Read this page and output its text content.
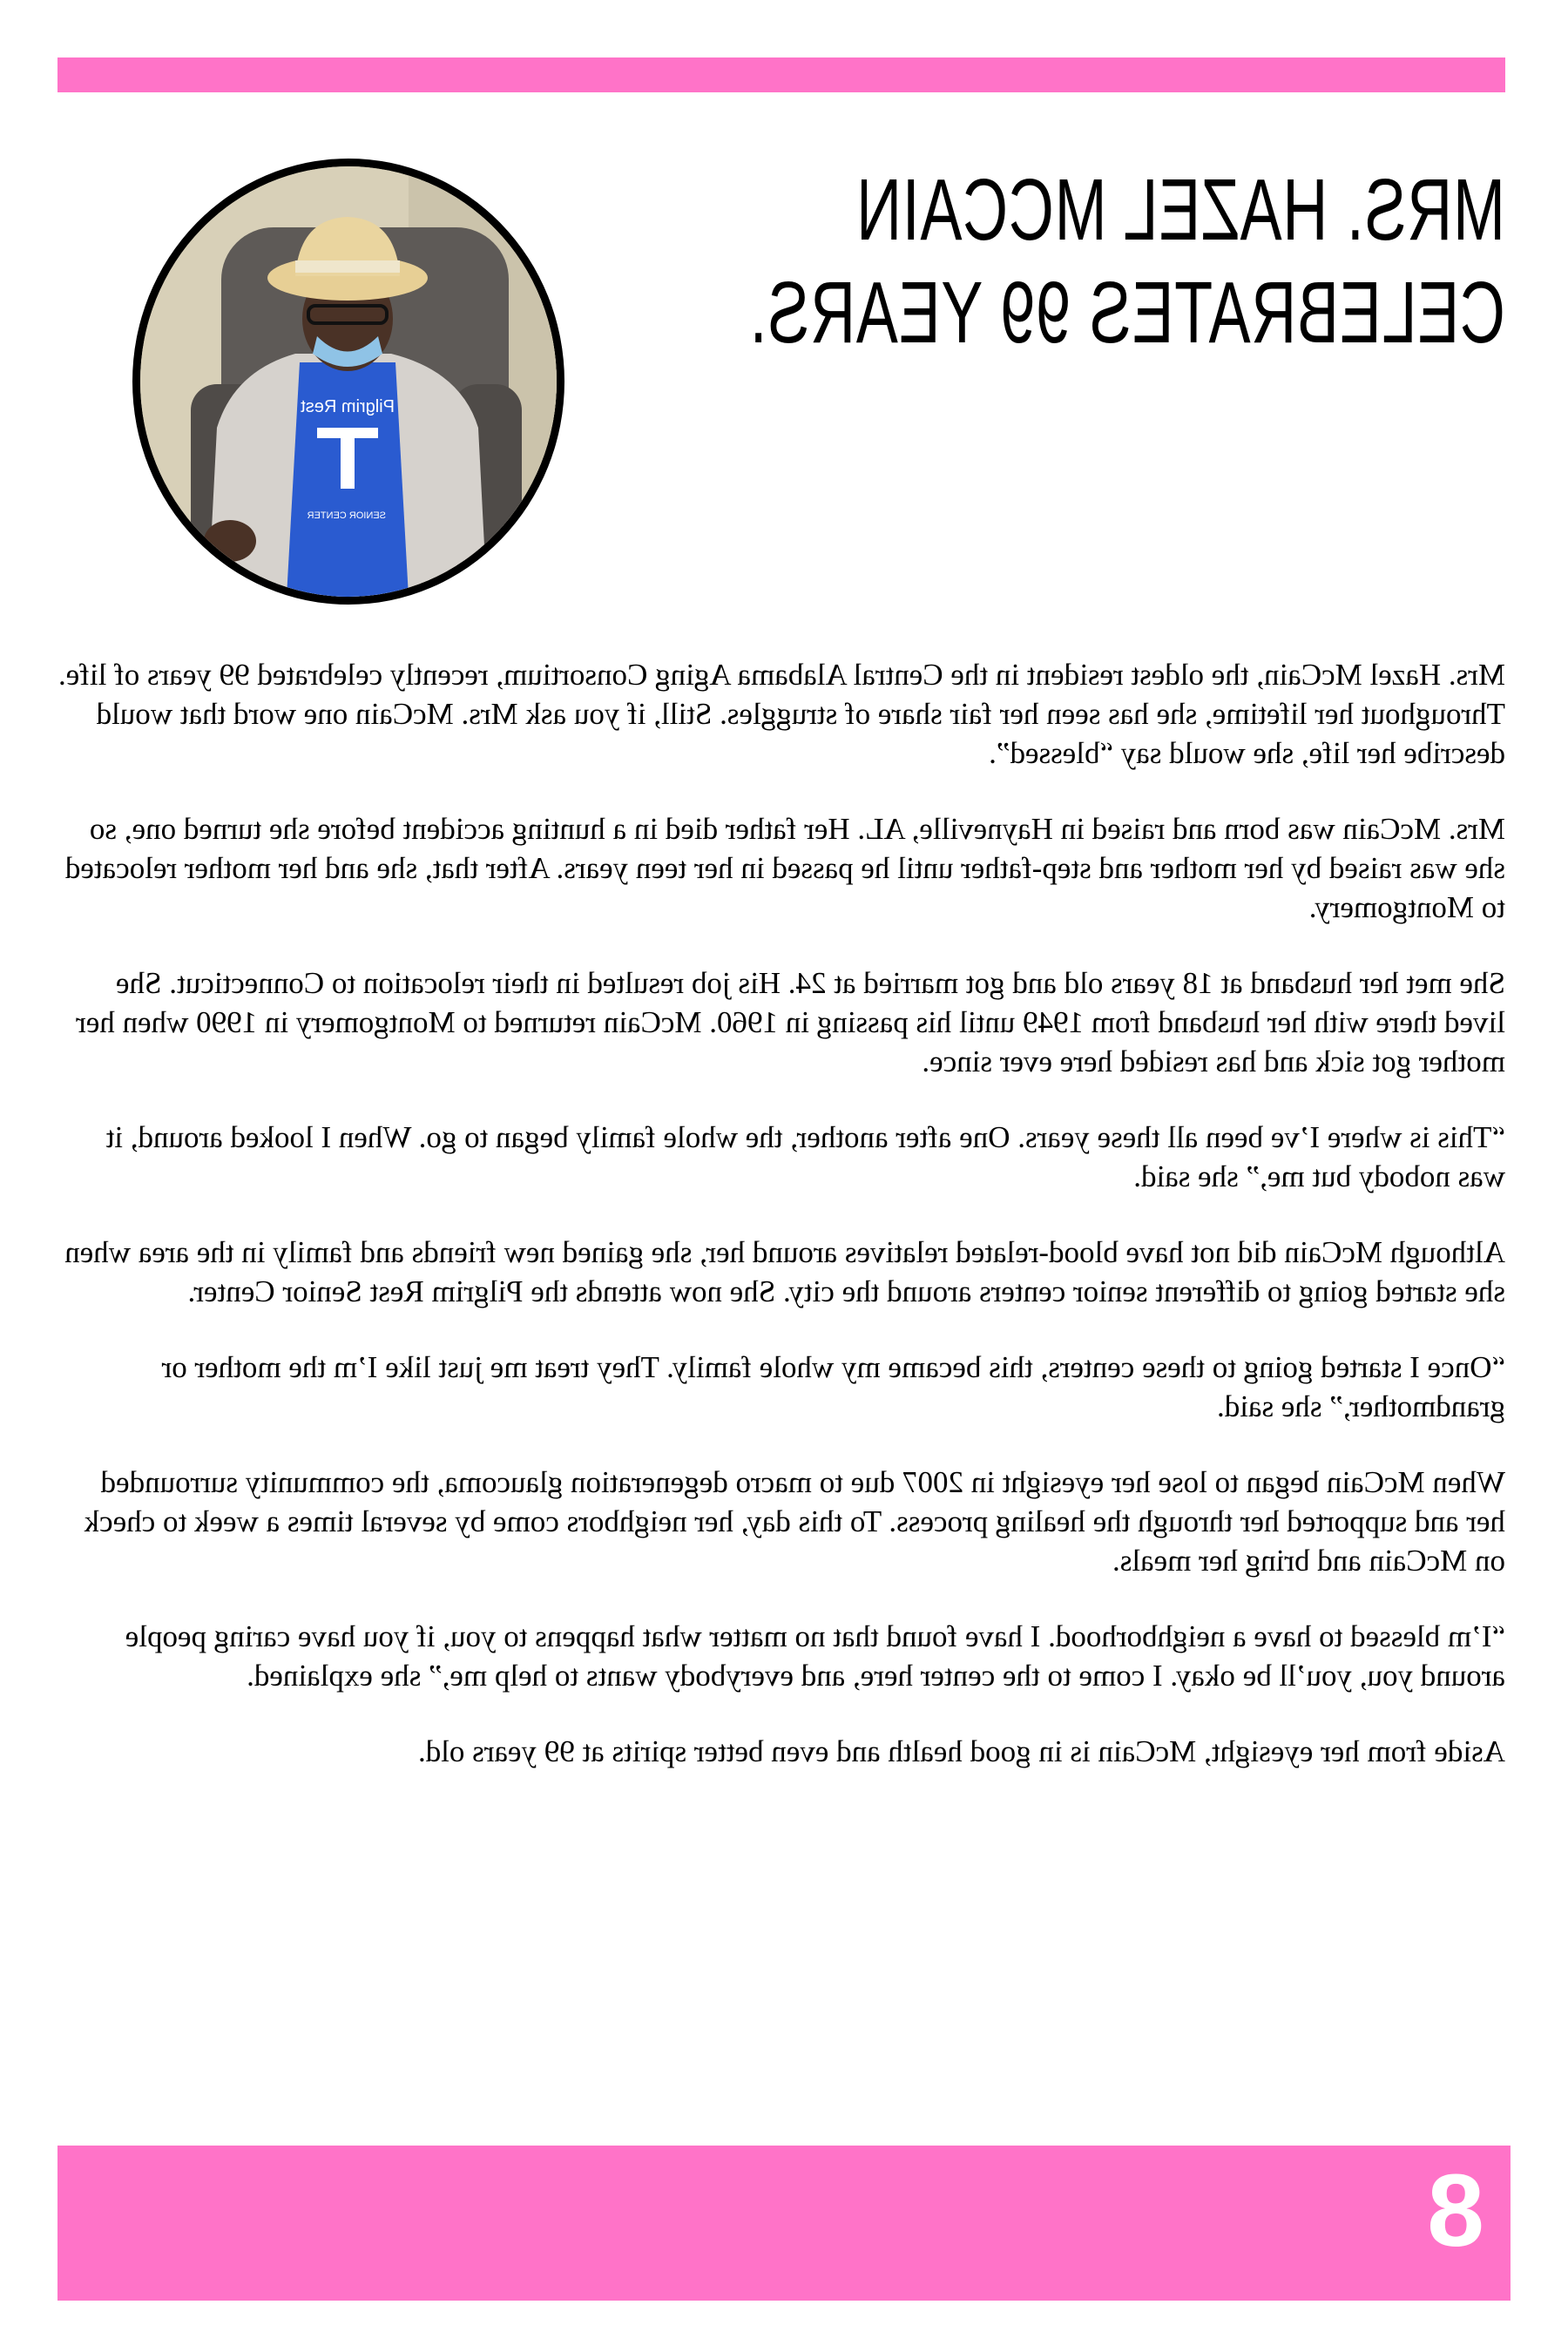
MRS. HAZEL MCCAIN
CELEBRATES 99 YEARS.
Pilgrim Rest
SENIOR CENTER

Mrs. Hazel McCain, the oldest resident in the Central Alabama Aging Consortium, recently celebrated 99 years of life. Throughout her lifetime, she has seen her fair share of struggles. Still, if you ask Mrs. McCain one word that would describe her life, she would say “blessed”.

Mrs. McCain was born and raised in Hayneville, AL. Her father died in a hunting accident before she turned one, so she was raised by her mother and step-father until he passed in her teen years. After that, she and her mother relocated to Montgomery.

She met her husband at 18 years old and got married at 24. His job resulted in their relocation to Connecticut. She lived there with her husband from 1949 until his passing in 1960. McCain returned to Montgomery in 1990 when her mother got sick and has resided here ever since.

“This is where I’ve been all these years. One after another, the whole family began to go. When I looked around, it was nobody but me,” she said.

Although McCain did not have blood-related relatives around her, she gained new friends and family in the area when she started going to different senior centers around the city. She now attends the Pilgrim Rest Senior Center.

“Once I started going to these centers, this became my whole family. They treat me just like I’m the mother or grandmother,” she said.

When McCain began to lose her eyesight in 2007 due to macro degeneration glaucoma, the community surrounded her and supported her through the healing process. To this day, her neighbors come by several times a week to check on McCain and bring her meals.

“I’m blessed to have a neighborhood. I have found that no matter what happens to you, if you have caring people around you, you’ll be okay. I come to the center here, and everybody wants to help me,” she explained.

Aside from her eyesight, McCain is in good health and even better spirits at 99 years old.

8
